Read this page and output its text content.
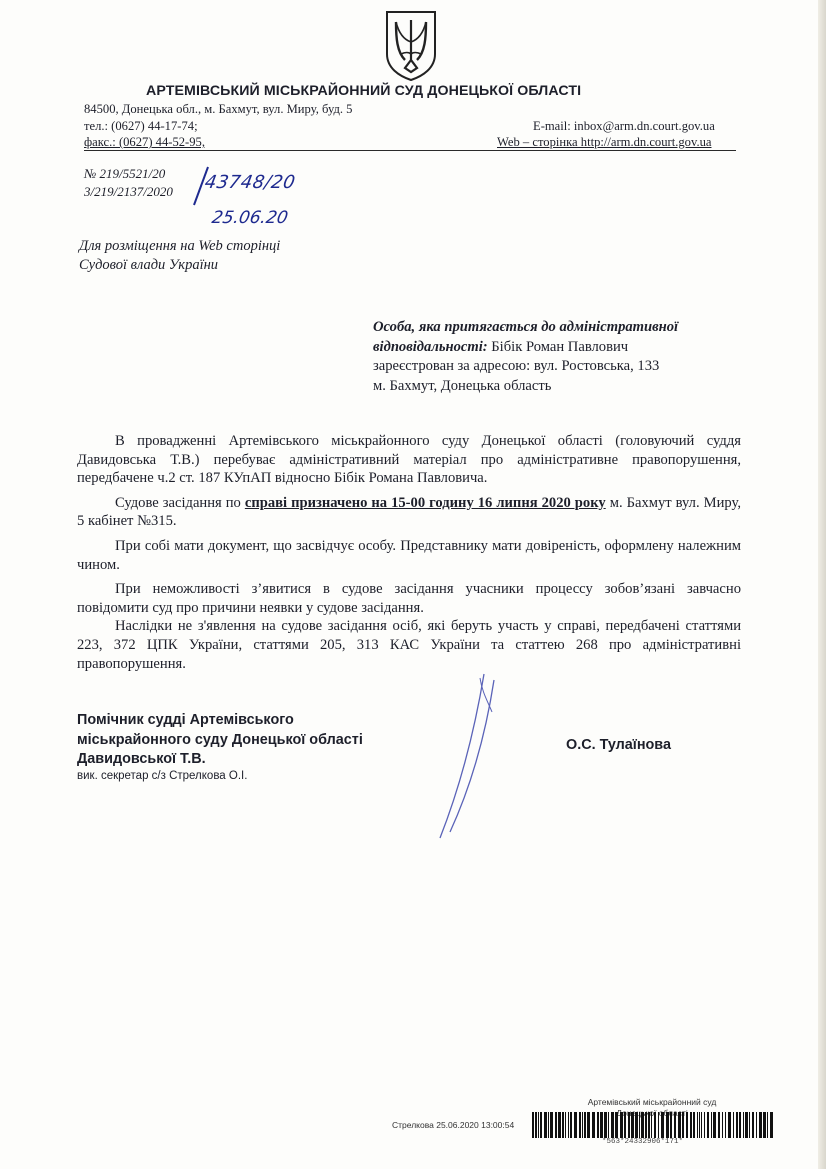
АРТЕМІВСЬКИЙ МІСЬКРАЙОННИЙ СУД ДОНЕЦЬКОЇ ОБЛАСТІ
84500, Донецька обл., м. Бахмут, вул. Миру, буд. 5
тел.: (0627) 44-17-74;
факс.: (0627) 44-52-95,
E-mail: inbox@arm.dn.court.gov.ua
Web – сторінка http://arm.dn.court.gov.ua
№ 219/5521/20
3/219/2137/2020 43748/20
25.06.20
Для розміщення на Web сторінці
Судової влади України
Особа, яка притягається до адміністративної відповідальності: Бібік Роман Павлович
зареєстрован за адресою: вул. Ростовська, 133
м. Бахмут, Донецька область

В провадженні Артемівського міськрайонного суду Донецької області (головуючий суддя Давидовська Т.В.) перебуває адміністративний матеріал про адміністративне правопорушення, передбачене ч.2 ст. 187 КУпАП відносно Бібік Романа Павловича.

Судове засідання по справі призначено на 15-00 годину 16 липня 2020 року м. Бахмут вул. Миру, 5 кабінет №315.

При собі мати документ, що засвідчує особу. Представнику мати довіреність, оформлену належним чином.

При неможливості з’явитися в судове засідання учасники процессу зобов’язані завчасно повідомити суд про причини неявки у судове засідання.

Наслідки не з'явлення на судове засідання осіб, які беруть участь у справі, передбачені статтями 223, 372 ЦПК України, статтями 205, 313 КАС України та статтею 268 про адміністративні правопорушення.

Помічник судді Артемівського
міськрайонного суду Донецької області
Давидовської Т.В.
вик. секретар с/з Стрелкова О.І.
О.С. Тулаїнова
Артемівський міськрайонний суд
області
Стрелкова 25.06.2020 13:00:54
*563*24332906*171*
